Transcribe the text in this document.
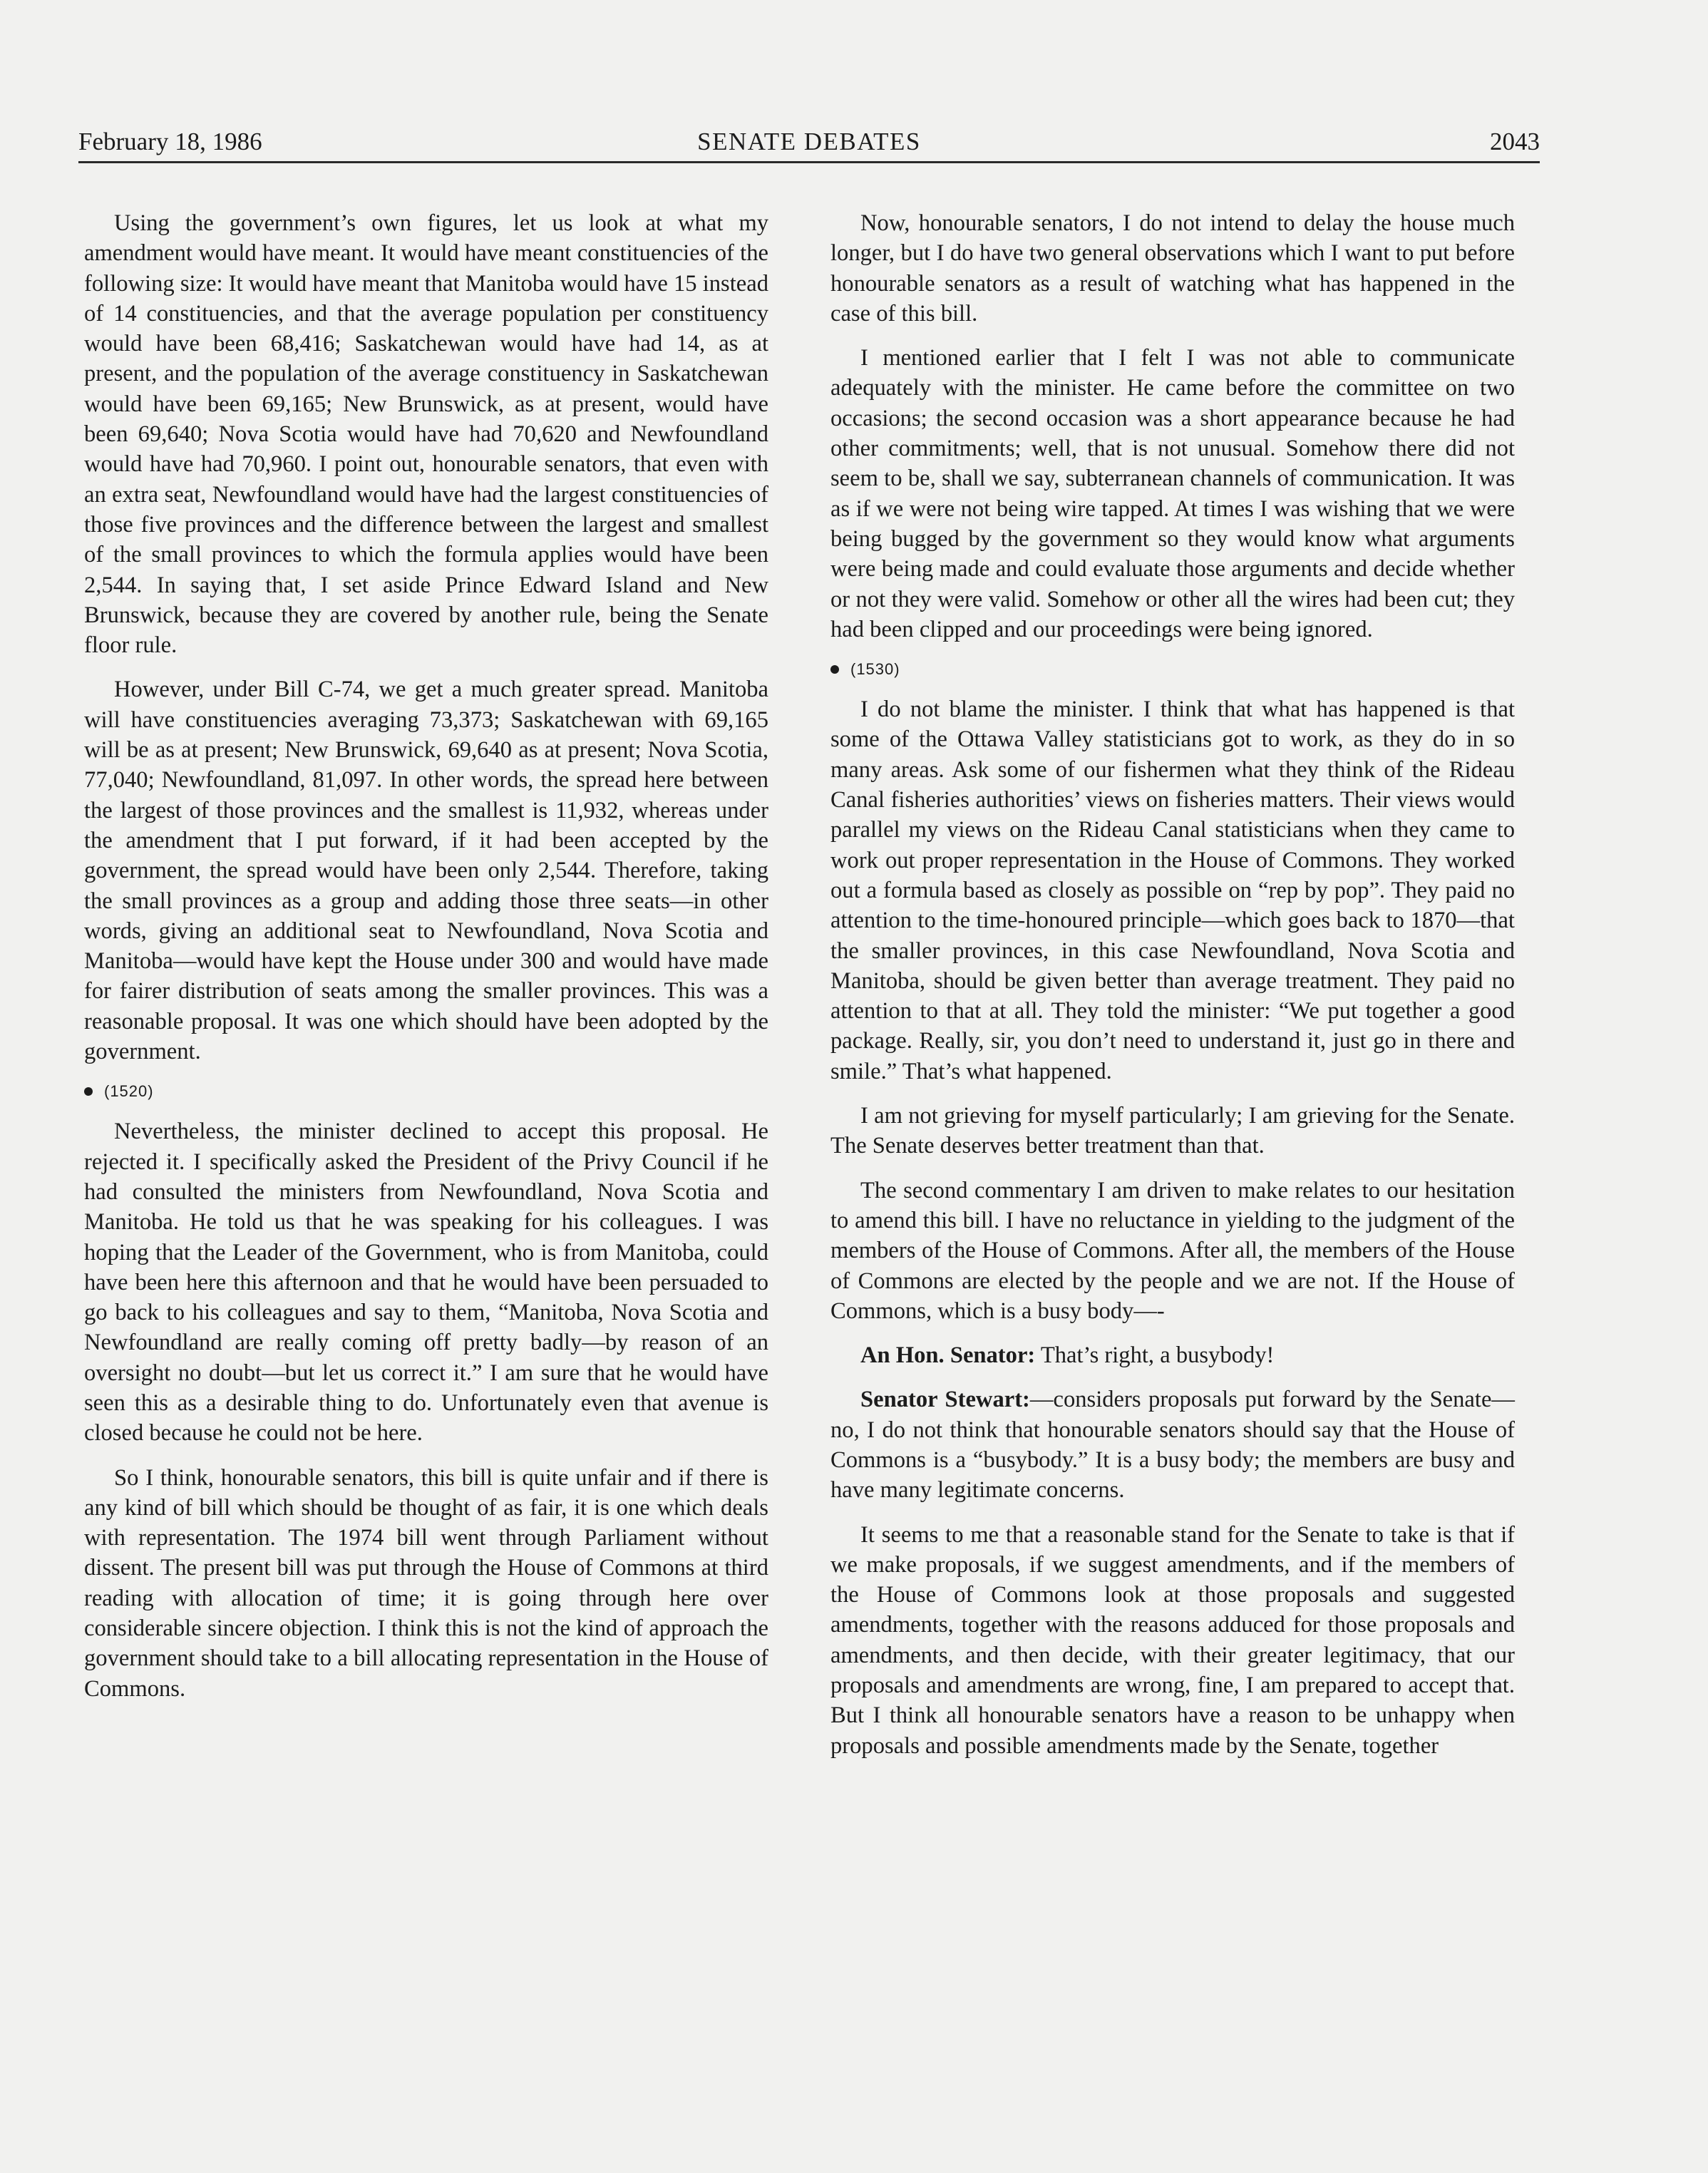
February 18, 1986	SENATE DEBATES	2043

Using the government’s own figures, let us look at what my amendment would have meant. It would have meant constituencies of the following size: It would have meant that Manitoba would have 15 instead of 14 constituencies, and that the average population per constituency would have been 68,416; Saskatchewan would have had 14, as at present, and the population of the average constituency in Saskatchewan would have been 69,165; New Brunswick, as at present, would have been 69,640; Nova Scotia would have had 70,620 and Newfoundland would have had 70,960. I point out, honourable senators, that even with an extra seat, Newfoundland would have had the largest constituencies of those five provinces and the difference between the largest and smallest of the small provinces to which the formula applies would have been 2,544. In saying that, I set aside Prince Edward Island and New Brunswick, because they are covered by another rule, being the Senate floor rule.

However, under Bill C-74, we get a much greater spread. Manitoba will have constituencies averaging 73,373; Saskatchewan with 69,165 will be as at present; New Brunswick, 69,640 as at present; Nova Scotia, 77,040; Newfoundland, 81,097. In other words, the spread here between the largest of those provinces and the smallest is 11,932, whereas under the amendment that I put forward, if it had been accepted by the government, the spread would have been only 2,544. Therefore, taking the small provinces as a group and adding those three seats—in other words, giving an additional seat to Newfoundland, Nova Scotia and Manitoba—would have kept the House under 300 and would have made for fairer distribution of seats among the smaller provinces. This was a reasonable proposal. It was one which should have been adopted by the government.

(1520)

Nevertheless, the minister declined to accept this proposal. He rejected it. I specifically asked the President of the Privy Council if he had consulted the ministers from Newfoundland, Nova Scotia and Manitoba. He told us that he was speaking for his colleagues. I was hoping that the Leader of the Government, who is from Manitoba, could have been here this afternoon and that he would have been persuaded to go back to his colleagues and say to them, “Manitoba, Nova Scotia and Newfoundland are really coming off pretty badly—by reason of an oversight no doubt—but let us correct it.” I am sure that he would have seen this as a desirable thing to do. Unfortunately even that avenue is closed because he could not be here.

So I think, honourable senators, this bill is quite unfair and if there is any kind of bill which should be thought of as fair, it is one which deals with representation. The 1974 bill went through Parliament without dissent. The present bill was put through the House of Commons at third reading with allocation of time; it is going through here over considerable sincere objection. I think this is not the kind of approach the government should take to a bill allocating representation in the House of Commons.

Now, honourable senators, I do not intend to delay the house much longer, but I do have two general observations which I want to put before honourable senators as a result of watching what has happened in the case of this bill.

I mentioned earlier that I felt I was not able to communicate adequately with the minister. He came before the committee on two occasions; the second occasion was a short appearance because he had other commitments; well, that is not unusual. Somehow there did not seem to be, shall we say, subterranean channels of communication. It was as if we were not being wire tapped. At times I was wishing that we were being bugged by the government so they would know what arguments were being made and could evaluate those arguments and decide whether or not they were valid. Somehow or other all the wires had been cut; they had been clipped and our proceedings were being ignored.

(1530)

I do not blame the minister. I think that what has happened is that some of the Ottawa Valley statisticians got to work, as they do in so many areas. Ask some of our fishermen what they think of the Rideau Canal fisheries authorities’ views on fisheries matters. Their views would parallel my views on the Rideau Canal statisticians when they came to work out proper representation in the House of Commons. They worked out a formula based as closely as possible on “rep by pop”. They paid no attention to the time-honoured principle—which goes back to 1870—that the smaller provinces, in this case Newfoundland, Nova Scotia and Manitoba, should be given better than average treatment. They paid no attention to that at all. They told the minister: “We put together a good package. Really, sir, you don’t need to understand it, just go in there and smile.” That’s what happened.

I am not grieving for myself particularly; I am grieving for the Senate. The Senate deserves better treatment than that.

The second commentary I am driven to make relates to our hesitation to amend this bill. I have no reluctance in yielding to the judgment of the members of the House of Commons. After all, the members of the House of Commons are elected by the people and we are not. If the House of Commons, which is a busy body—-

An Hon. Senator: That’s right, a busybody!

Senator Stewart:—considers proposals put forward by the Senate—no, I do not think that honourable senators should say that the House of Commons is a “busybody.” It is a busy body; the members are busy and have many legitimate concerns.

It seems to me that a reasonable stand for the Senate to take is that if we make proposals, if we suggest amendments, and if the members of the House of Commons look at those proposals and suggested amendments, together with the reasons adduced for those proposals and amendments, and then decide, with their greater legitimacy, that our proposals and amendments are wrong, fine, I am prepared to accept that. But I think all honourable senators have a reason to be unhappy when proposals and possible amendments made by the Senate, together
